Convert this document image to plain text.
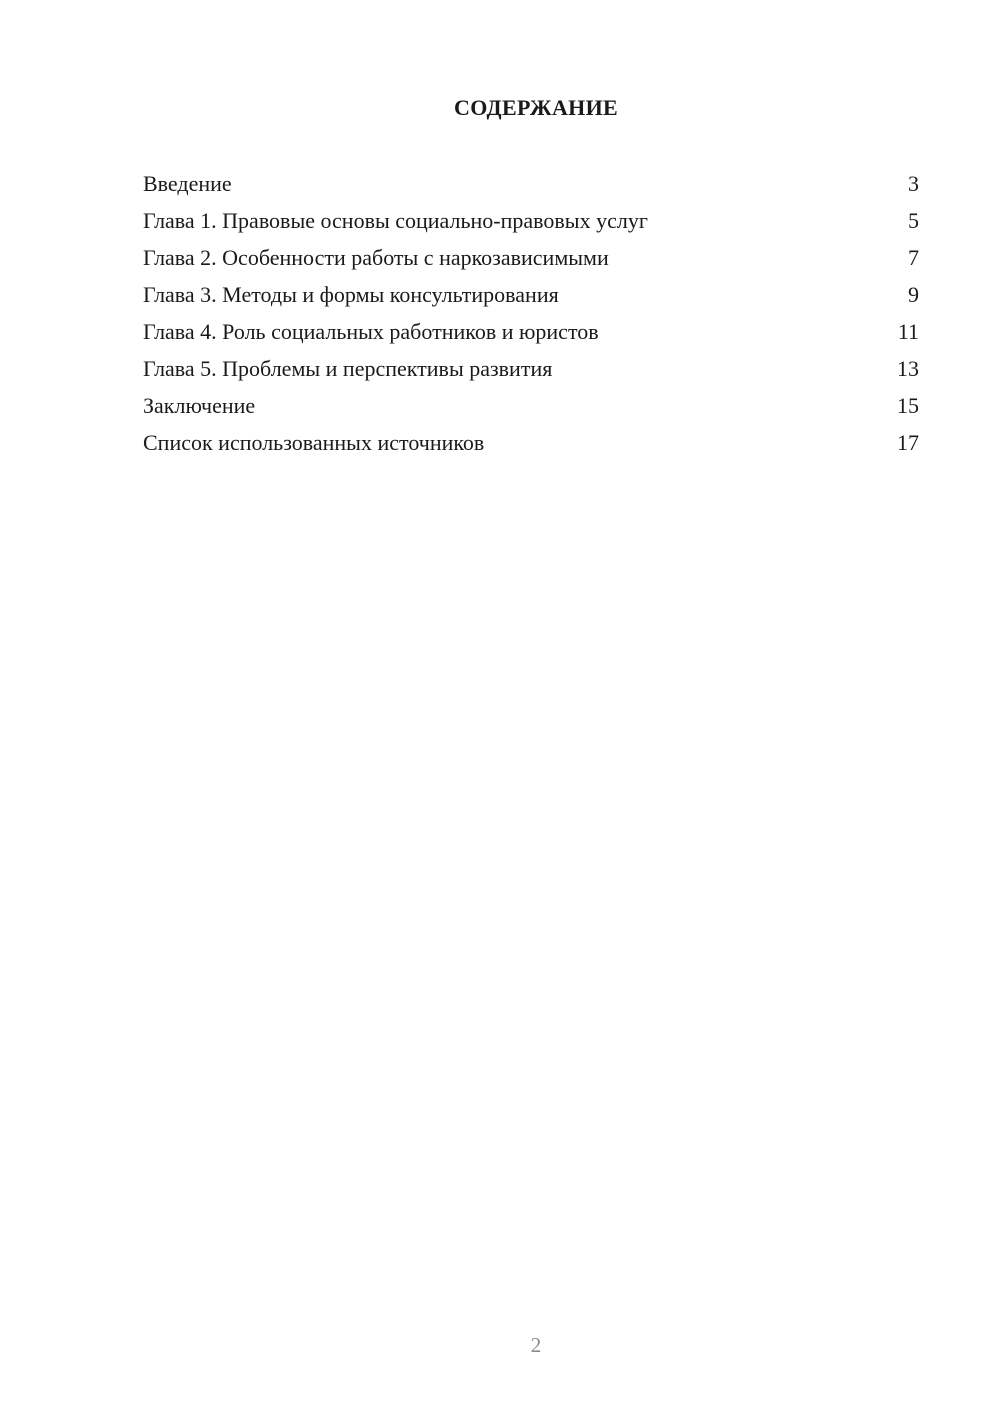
СОДЕРЖАНИЕ
Введение	3
Глава 1. Правовые основы социально-правовых услуг	5
Глава 2. Особенности работы с наркозависимыми	7
Глава 3. Методы и формы консультирования	9
Глава 4. Роль социальных работников и юристов	11
Глава 5. Проблемы и перспективы развития	13
Заключение	15
Список использованных источников	17
2
